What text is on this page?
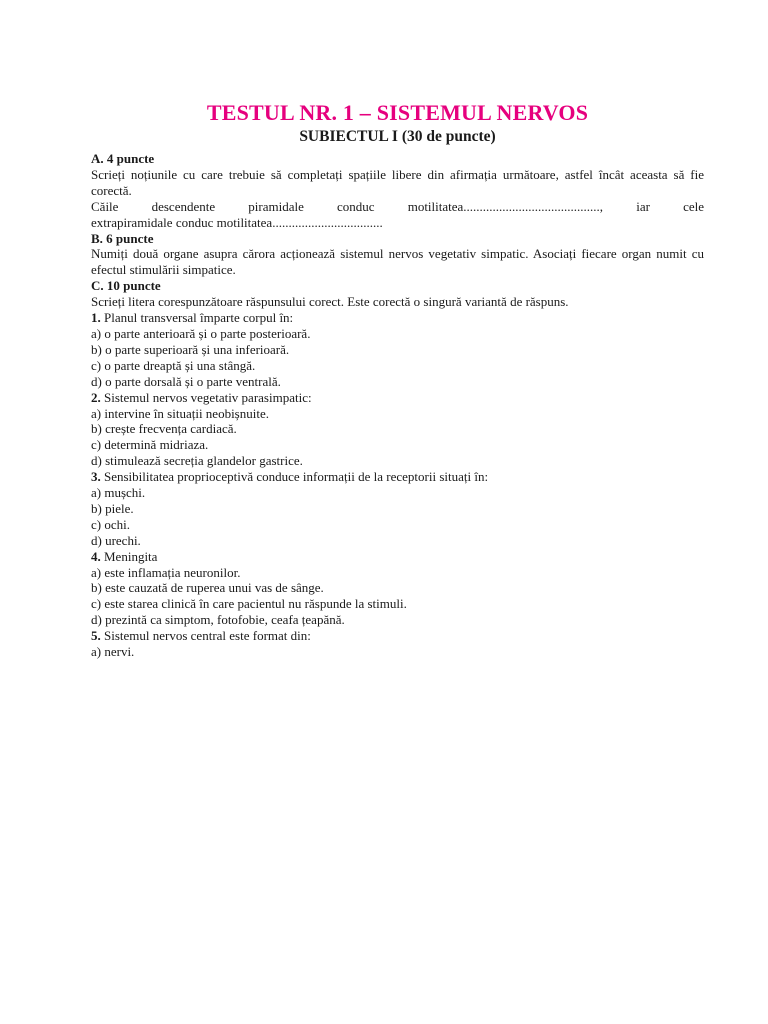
TESTUL NR. 1 – SISTEMUL NERVOS
SUBIECTUL I (30 de puncte)
A. 4 puncte
Scrieți noțiunile cu care trebuie să completați spațiile libere din afirmația următoare, astfel încât aceasta să fie corectă.
Căile descendente piramidale conduc motilitatea.........................................., iar cele
extrapiramidale conduc motilitatea..................................
B. 6 puncte
Numiți două organe asupra cărora acționează sistemul nervos vegetativ simpatic. Asociați fiecare organ numit cu efectul stimulării simpatice.
C. 10 puncte
Scrieți litera corespunzătoare răspunsului corect. Este corectă o singură variantă de răspuns.
1. Planul transversal împarte corpul în:
a) o parte anterioară și o parte posterioară.
b) o parte superioară și una inferioară.
c) o parte dreaptă și una stângă.
d) o parte dorsală și o parte ventrală.
2. Sistemul nervos vegetativ parasimpatic:
a) intervine în situații neobișnuite.
b) crește frecvența cardiacă.
c) determină midriaza.
d) stimulează secreția glandelor gastrice.
3. Sensibilitatea proprioceptivă conduce informații de la receptorii situați în:
a) mușchi.
b) piele.
c) ochi.
d) urechi.
4. Meningita
a) este inflamația neuronilor.
b) este cauzată de ruperea unui vas de sânge.
c) este starea clinică în care pacientul nu răspunde la stimuli.
d) prezintă ca simptom, fotofobie, ceafa țeapănă.
5. Sistemul nervos central este format din:
a) nervi.
